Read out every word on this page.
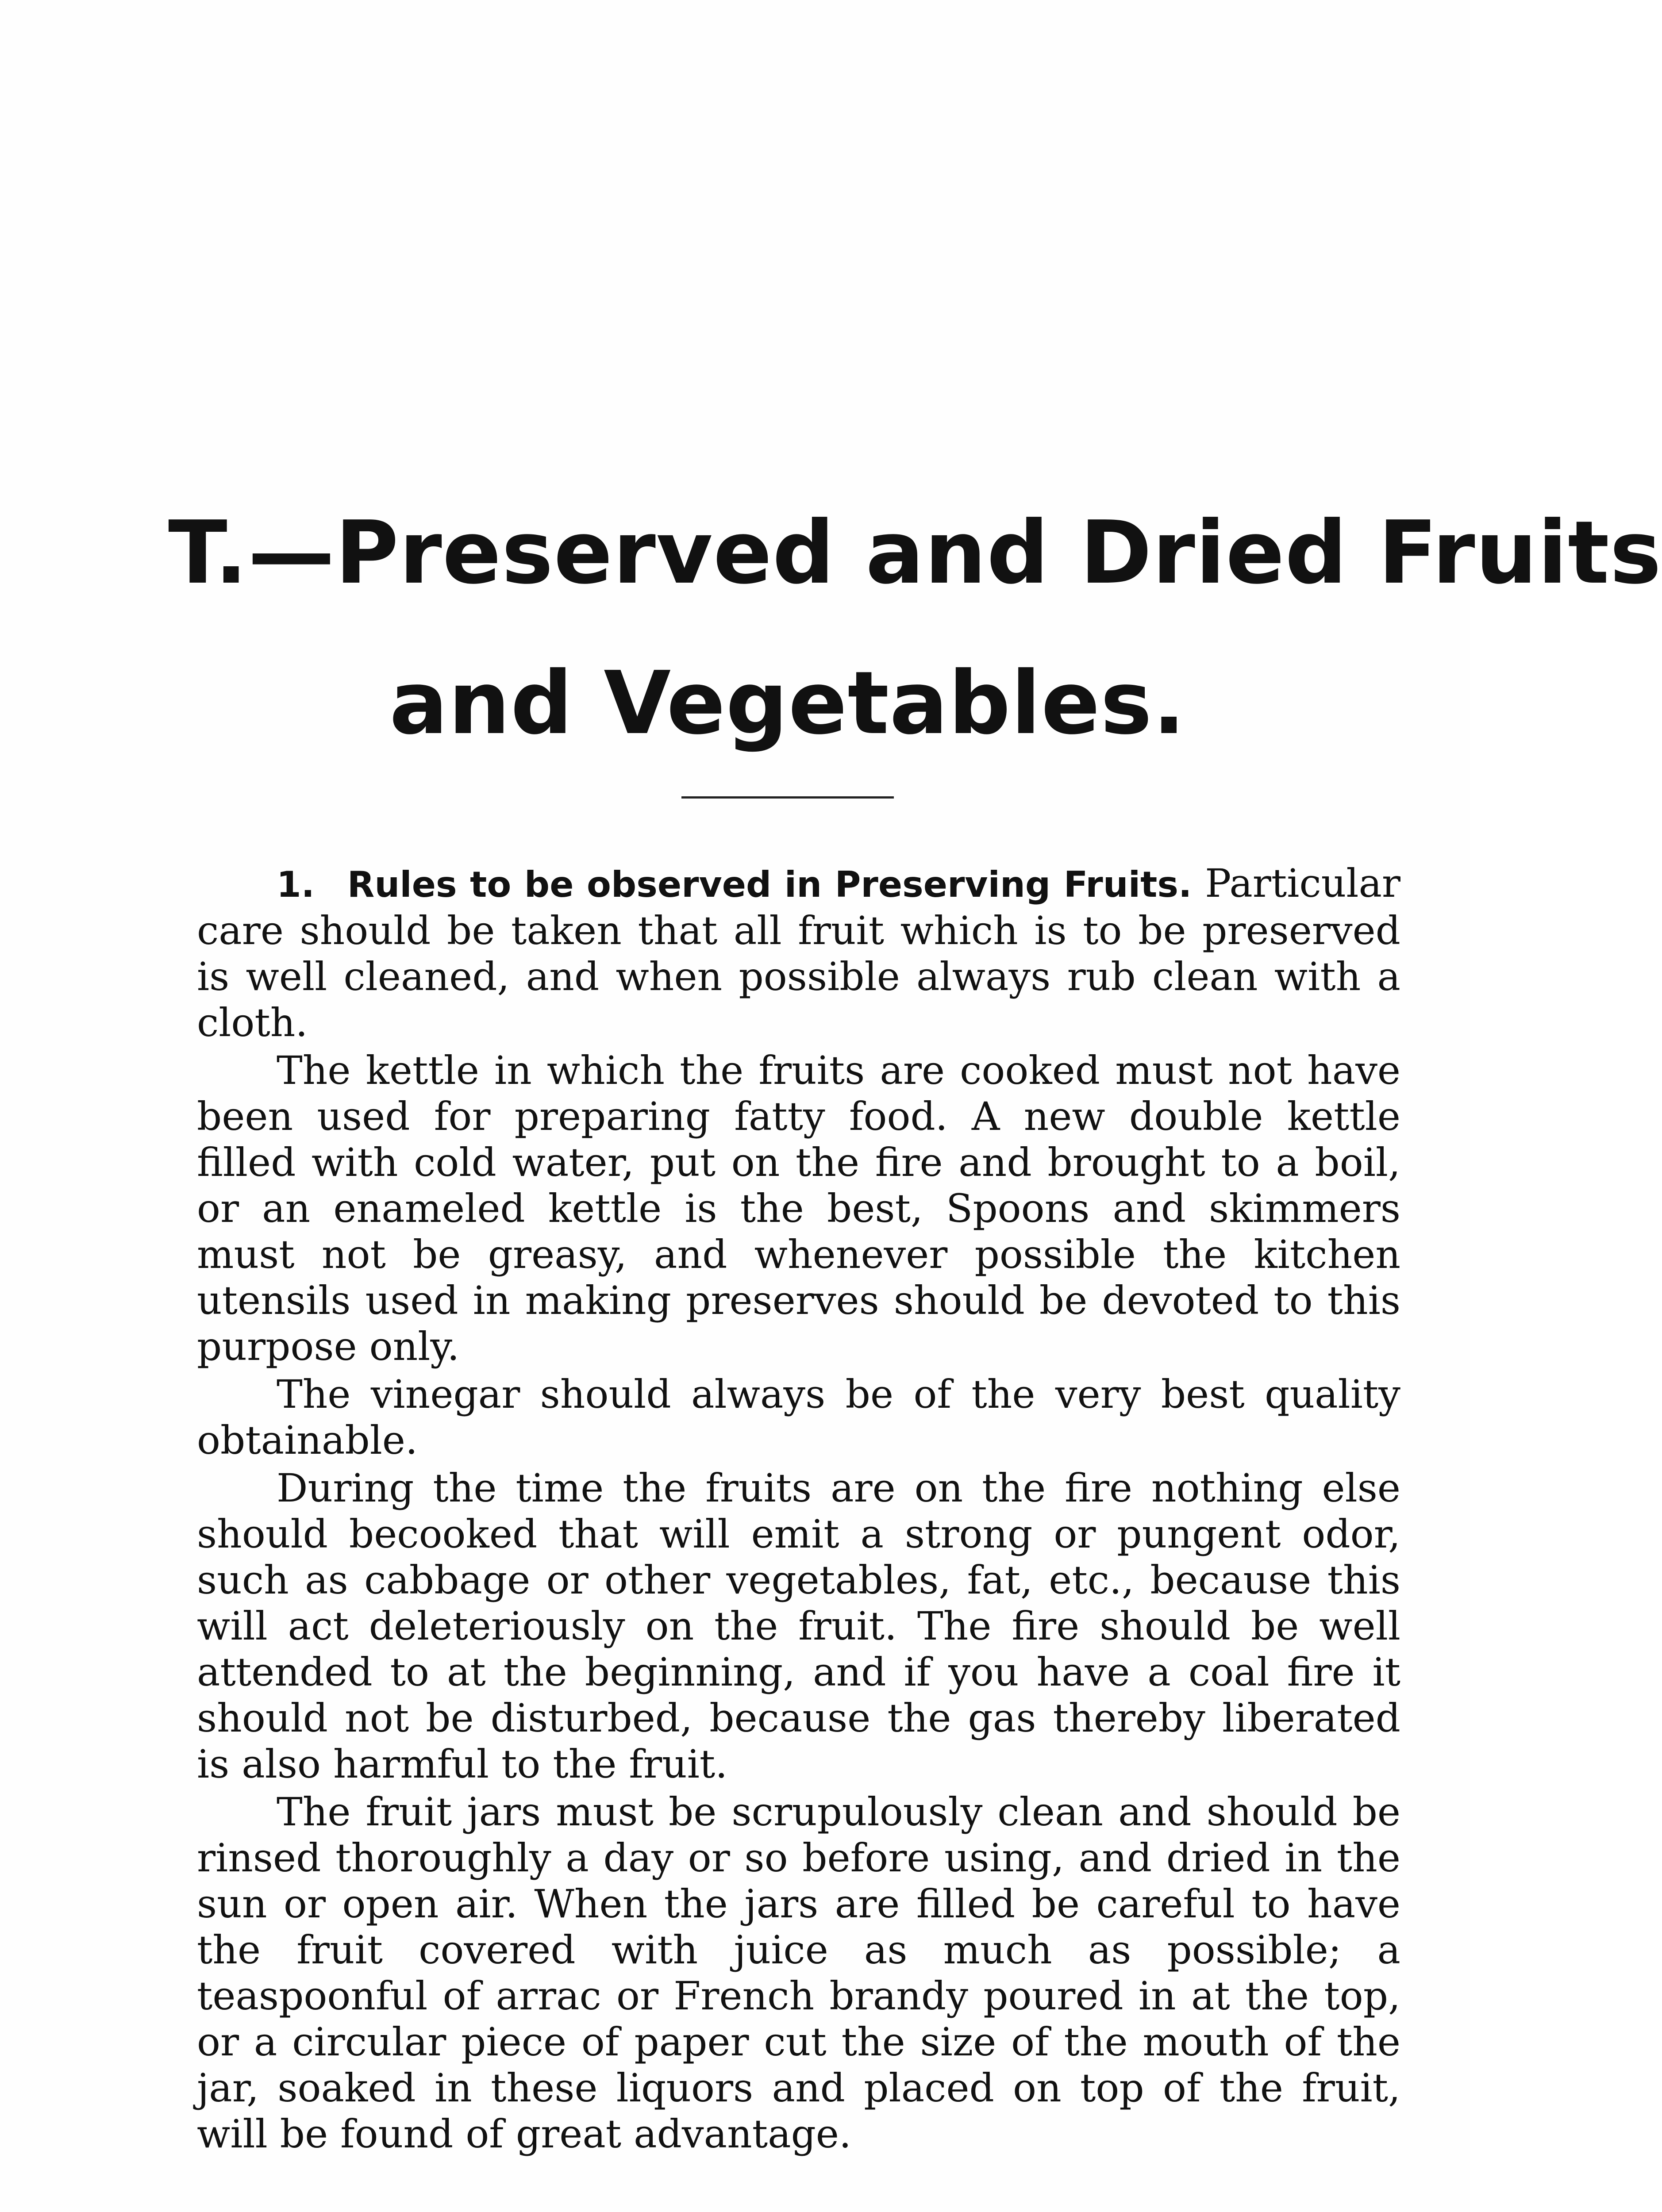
T.—Preserved and Dried Fruits
and Vegetables.

1.  Rules to be observed in Preserving Fruits. Particular care should be taken that all fruit which is to be preserved is well cleaned, and when possible always rub clean with a cloth.

The kettle in which the fruits are cooked must not have been used for preparing fatty food. A new double kettle filled with cold water, put on the fire and brought to a boil, or an enameled kettle is the best, Spoons and skimmers must not be greasy, and whenever possible the kitchen utensils used in making preserves should be devoted to this purpose only.

The vinegar should always be of the very best quality obtainable.

During the time the fruits are on the fire nothing else should becooked that will emit a strong or pungent odor, such as cabbage or other vegetables, fat, etc., because this will act deleteriously on the fruit. The fire should be well attended to at the beginning, and if you have a coal fire it should not be disturbed, because the gas thereby liberated is also harmful to the fruit.

The fruit jars must be scrupulously clean and should be rinsed thoroughly a day or so before using, and dried in the sun or open air. When the jars are filled be careful to have the fruit covered with juice as much as possible; a teaspoonful of arrac or French brandy poured in at the top, or a circular piece of paper cut the size of the mouth of the jar, soaked in these liquors and placed on top of the fruit, will be found of great advantage.
